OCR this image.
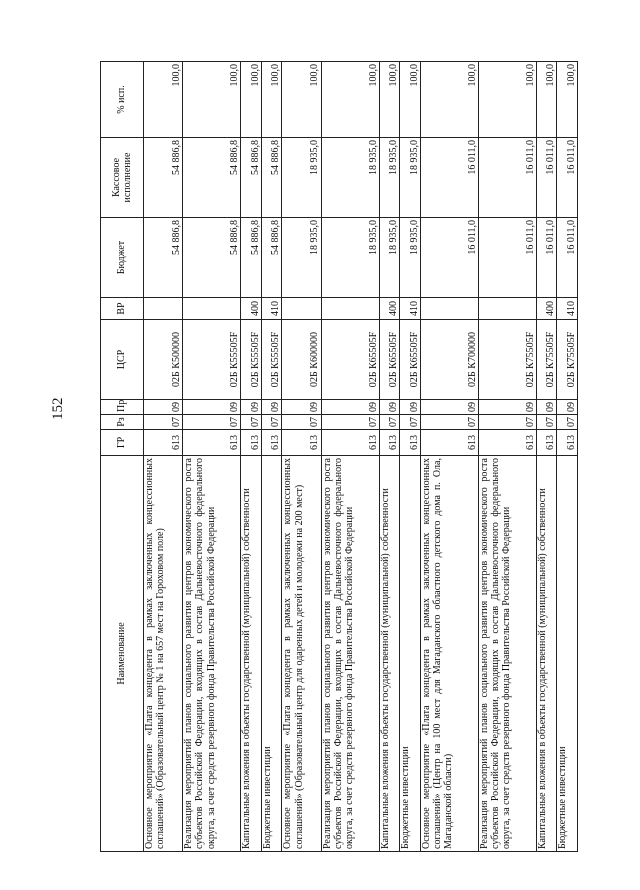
152
Наименование	ГР	Рз	Пр	ЦСР	ВР	Бюджет	Кассовое исполнение	% исп.
Основное мероприятие «Плата концедента в рамках заключенных концессионных соглашений» (Образовательный центр № 1 на 657 мест на Гороховом поле)	613	07	09	02Б К500000		54 886,8	54 886,8	100,0
Реализация мероприятий планов социального развития центров экономического роста субъектов Российской Федерации, входящих в состав Дальневосточного федерального округа, за счет средств резервного фонда Правительства Российской Федерации	613	07	09	02Б К55505F		54 886,8	54 886,8	100,0
Капитальные вложения в объекты государственной (муниципальной) собственности	613	07	09	02Б К55505F	400	54 886,8	54 886,8	100,0
Бюджетные инвестиции	613	07	09	02Б К55505F	410	54 886,8	54 886,8	100,0
Основное мероприятие «Плата концедента в рамках заключенных концессионных соглашений» (Образовательный центр для одаренных детей и молодежи на 200 мест)	613	07	09	02Б К600000		18 935,0	18 935,0	100,0
Реализация мероприятий планов социального развития центров экономического роста субъектов Российской Федерации, входящих в состав Дальневосточного федерального округа, за счет средств резервного фонда Правительства Российской Федерации	613	07	09	02Б К65505F		18 935,0	18 935,0	100,0
Капитальные вложения в объекты государственной (муниципальной) собственности	613	07	09	02Б К65505F	400	18 935,0	18 935,0	100,0
Бюджетные инвестиции	613	07	09	02Б К65505F	410	18 935,0	18 935,0	100,0
Основное мероприятие «Плата концедента в рамках заключенных концессионных соглашений» (Центр на 100 мест для Магаданского областного детского дома п. Ола, Магаданской области)	613	07	09	02Б К700000		16 011,0	16 011,0	100,0
Реализация мероприятий планов социального развития центров экономического роста субъектов Российской Федерации, входящих в состав Дальневосточного федерального округа, за счет средств резервного фонда Правительства Российской Федерации	613	07	09	02Б К75505F		16 011,0	16 011,0	100,0
Капитальные вложения в объекты государственной (муниципальной) собственности	613	07	09	02Б К75505F	400	16 011,0	16 011,0	100,0
Бюджетные инвестиции	613	07	09	02Б К75505F	410	16 011,0	16 011,0	100,0
